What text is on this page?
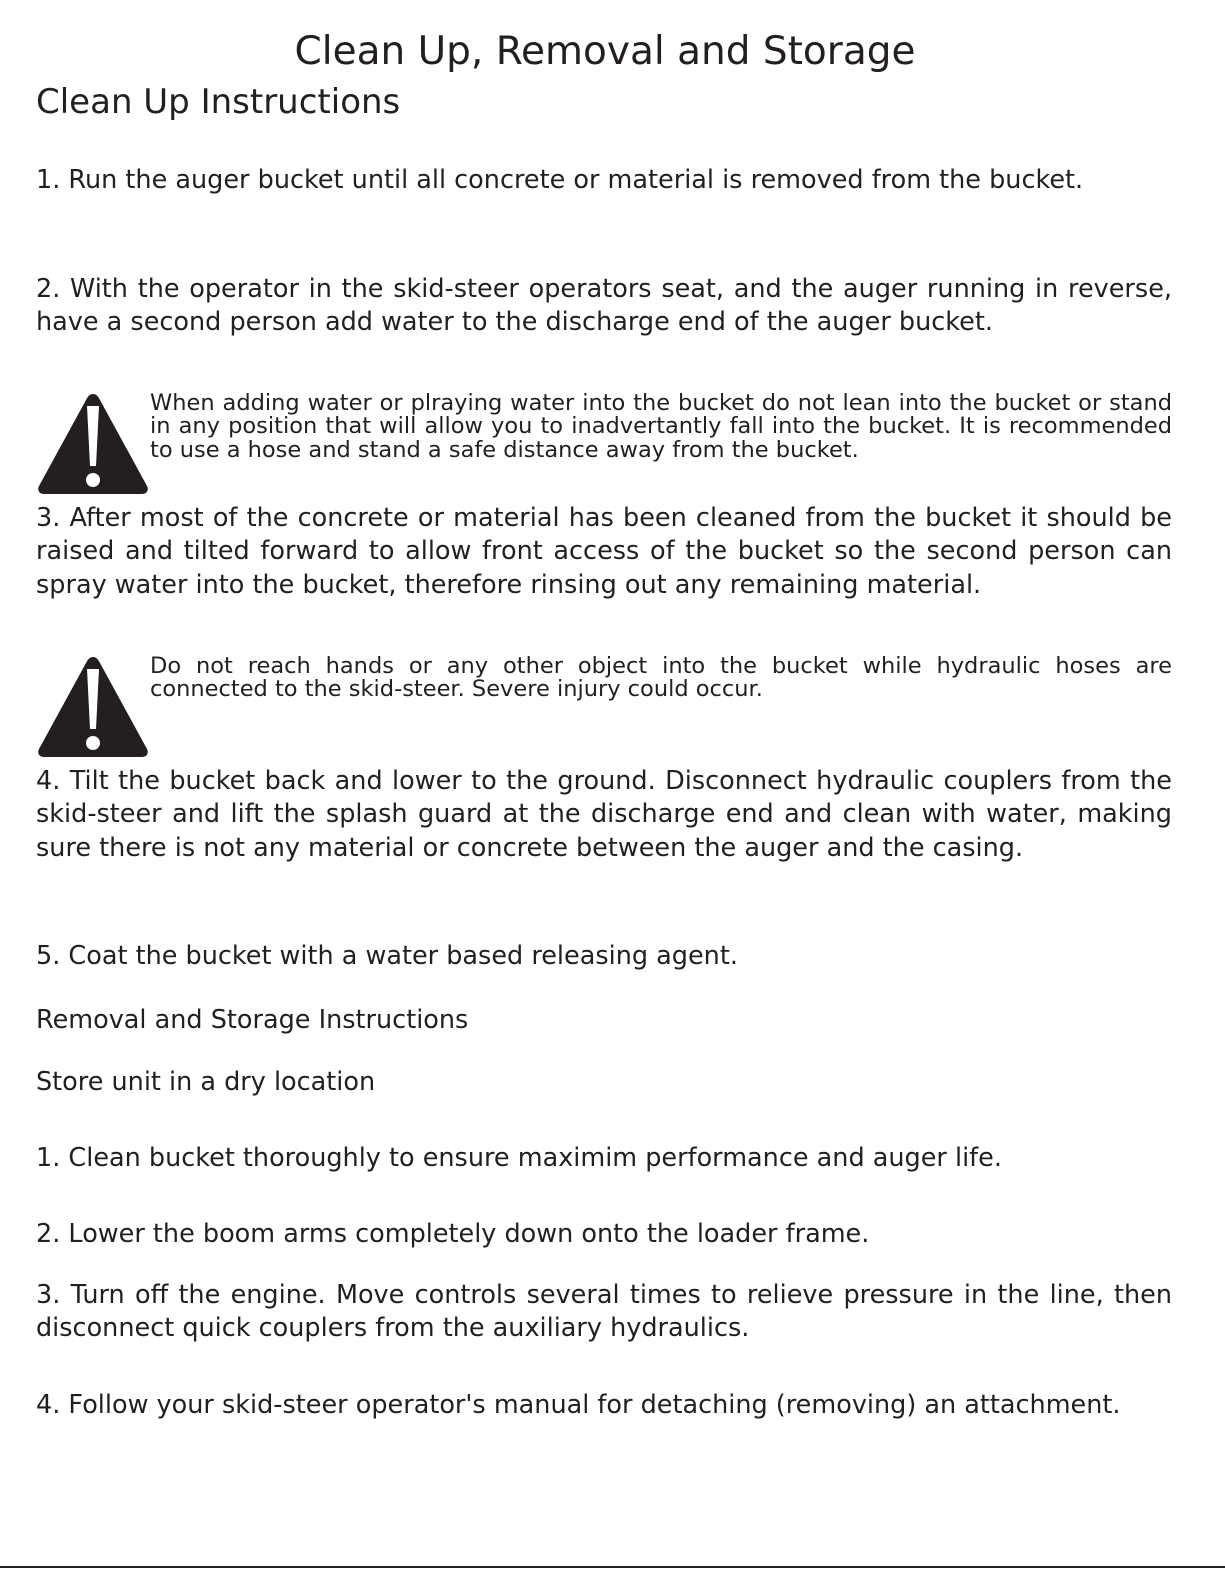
Clean Up, Removal and Storage
Clean Up Instructions

1. Run the auger bucket until all concrete or material is removed from the bucket.

2. With the operator in the skid-steer operators seat, and the auger running in reverse, have a second person add water to the discharge end of the auger bucket.

When adding water or plraying water into the bucket do not lean into the bucket or stand in any position that will allow you to inadvertantly fall into the bucket. It is recommended to use a hose and stand a safe distance away from the bucket.

3. After most of the concrete or material has been cleaned from the bucket it should be raised and tilted forward to allow front access of the bucket so the second person can spray water into the bucket, therefore rinsing out any remaining material.

Do not reach hands or any other object into the bucket while hydraulic hoses are connected to the skid-steer. Severe injury could occur.

4. Tilt the bucket back and lower to the ground. Disconnect hydraulic couplers from the skid-steer and lift the splash guard at the discharge end and clean with water, making sure there is not any material or concrete between the auger and the casing.

5. Coat the bucket with a water based releasing agent.

Removal and Storage Instructions

Store unit in a dry location

1. Clean bucket thoroughly to ensure maximim performance and auger life.

2. Lower the boom arms completely down onto the loader frame.

3. Turn off the engine. Move controls several times to relieve pressure in the line, then disconnect quick couplers from the auxiliary hydraulics.

4. Follow your skid-steer operator's manual for detaching (removing) an attachment.
